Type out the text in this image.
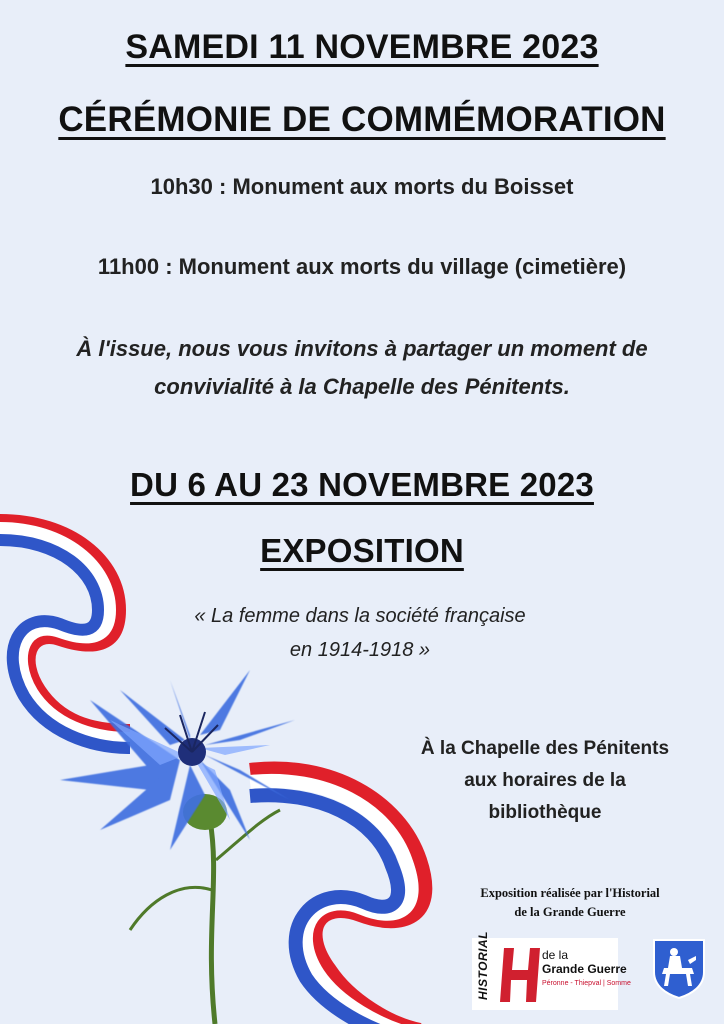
SAMEDI 11 NOVEMBRE 2023
CÉRÉMONIE DE COMMÉMORATION
10h30 : Monument aux morts du Boisset
11h00 : Monument aux morts du village (cimetière)
À l'issue, nous vous invitons à partager un moment de
convivialité à la Chapelle des Pénitents.
DU 6 AU 23 NOVEMBRE 2023
EXPOSITION
« La femme dans la société française
en 1914-1918 »
À la Chapelle des Pénitents
aux horaires de la
bibliothèque
Exposition réalisée par l'Historial
de la Grande Guerre
HISTORIAL	de la
Grande Guerre
Péronne - Thiepval | Somme
